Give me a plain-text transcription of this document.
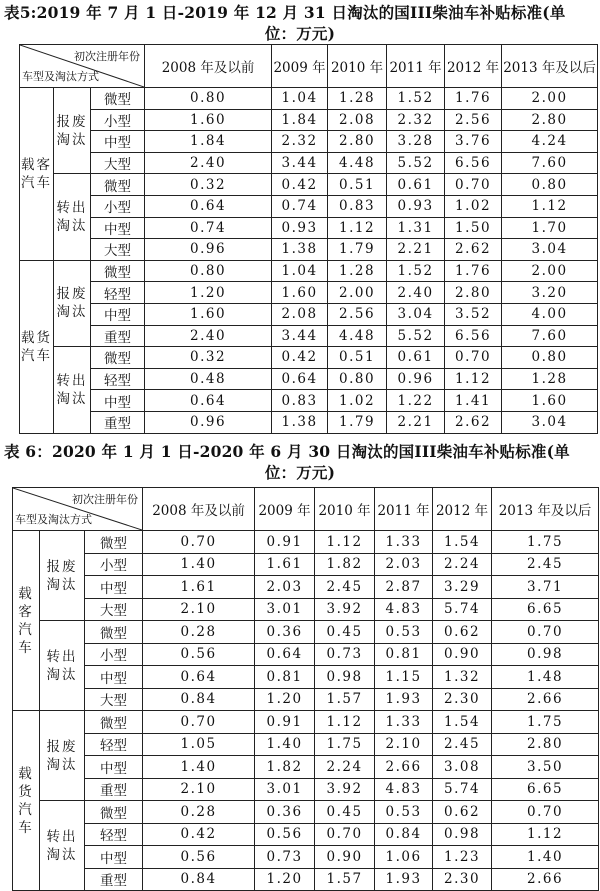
表5:2019 年 7 月 1 日-2019 年 12 月 31 日淘汰的国III柴油车补贴标准(单
位：万元)
初次注册年份
车型及淘汰方式			2008 年及以前	2009 年	2010 年	2011 年	2012 年	2013 年及以后
载客汽车	报废淘汰	微型	0.80	1.04	1.28	1.52	1.76	2.00
		小型	1.60	1.84	2.08	2.32	2.56	2.80
		中型	1.84	2.32	2.80	3.28	3.76	4.24
		大型	2.40	3.44	4.48	5.52	6.56	7.60
	转出淘汰	微型	0.32	0.42	0.51	0.61	0.70	0.80
		小型	0.64	0.74	0.83	0.93	1.02	1.12
		中型	0.74	0.93	1.12	1.31	1.50	1.70
		大型	0.96	1.38	1.79	2.21	2.62	3.04
载货汽车	报废淘汰	微型	0.80	1.04	1.28	1.52	1.76	2.00
		轻型	1.20	1.60	2.00	2.40	2.80	3.20
		中型	1.60	2.08	2.56	3.04	3.52	4.00
		重型	2.40	3.44	4.48	5.52	6.56	7.60
	转出淘汰	微型	0.32	0.42	0.51	0.61	0.70	0.80
		轻型	0.48	0.64	0.80	0.96	1.12	1.28
		中型	0.64	0.83	1.02	1.22	1.41	1.60
		重型	0.96	1.38	1.79	2.21	2.62	3.04
表 6：2020 年 1 月 1 日-2020 年 6 月 30 日淘汰的国III柴油车补贴标准(单
位：万元)
初次注册年份
车型及淘汰方式			2008 年及以前	2009 年	2010 年	2011 年	2012 年	2013 年及以后
载客汽车	报废淘汰	微型	0.70	0.91	1.12	1.33	1.54	1.75
		小型	1.40	1.61	1.82	2.03	2.24	2.45
		中型	1.61	2.03	2.45	2.87	3.29	3.71
		大型	2.10	3.01	3.92	4.83	5.74	6.65
	转出淘汰	微型	0.28	0.36	0.45	0.53	0.62	0.70
		小型	0.56	0.64	0.73	0.81	0.90	0.98
		中型	0.64	0.81	0.98	1.15	1.32	1.48
		大型	0.84	1.20	1.57	1.93	2.30	2.66
载货汽车	报废淘汰	微型	0.70	0.91	1.12	1.33	1.54	1.75
		轻型	1.05	1.40	1.75	2.10	2.45	2.80
		中型	1.40	1.82	2.24	2.66	3.08	3.50
		重型	2.10	3.01	3.92	4.83	5.74	6.65
	转出淘汰	微型	0.28	0.36	0.45	0.53	0.62	0.70
		轻型	0.42	0.56	0.70	0.84	0.98	1.12
		中型	0.56	0.73	0.90	1.06	1.23	1.40
		重型	0.84	1.20	1.57	1.93	2.30	2.66
